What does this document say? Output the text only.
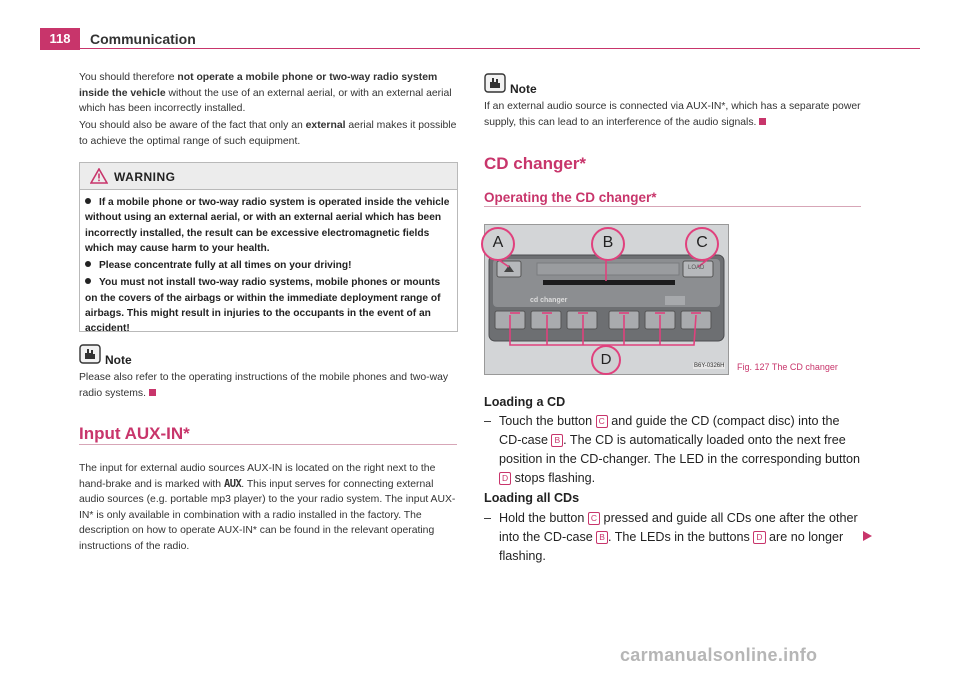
118	Communication

You should therefore not operate a mobile phone or two-way radio system inside the vehicle without the use of an external aerial, or with an external aerial which has been incorrectly installed.

You should also be aware of the fact that only an external aerial makes it possible to achieve the optimal range of such equipment.

WARNING

If a mobile phone or two-way radio system is operated inside the vehicle without using an external aerial, or with an external aerial which has been incorrectly installed, the result can be excessive electromagnetic fields which may cause harm to your health.

Please concentrate fully at all times on your driving!

You must not install two-way radio systems, mobile phones or mounts on the covers of the airbags or within the immediate deployment range of airbags. This might result in injuries to the occupants in the event of an accident!

Note

Please also refer to the operating instructions of the mobile phones and two-way radio systems.

Input AUX-IN*

The input for external audio sources AUX-IN is located on the right next to the hand-brake and is marked with AUX. This input serves for connecting external audio sources (e.g. portable mp3 player) to the your radio system. The input AUX-IN* is only available in combination with a radio installed in the factory. The description on how to operate AUX-IN* can be found in the relevant operating instructions of the radio.

Note

If an external audio source is connected via AUX-IN*, which has a separate power supply, this can lead to an interference of the audio signals.

CD changer*
Operating the CD changer*
cd changer
LOAD
A	B	C
D	B6Y-0326H Fig. 127 The CD changer
Loading a CD
– Touch the button C and guide the CD (compact disc) into the CD-case B . The CD is automatically loaded onto the next free position in the CD-changer. The LED in the corresponding button D stops flashing.

Loading all CDs
– Hold the button C pressed and guide all CDs one after the other into the CD-case B . The LEDs in the buttons D are no longer flashing.

carmanualsonline.info
